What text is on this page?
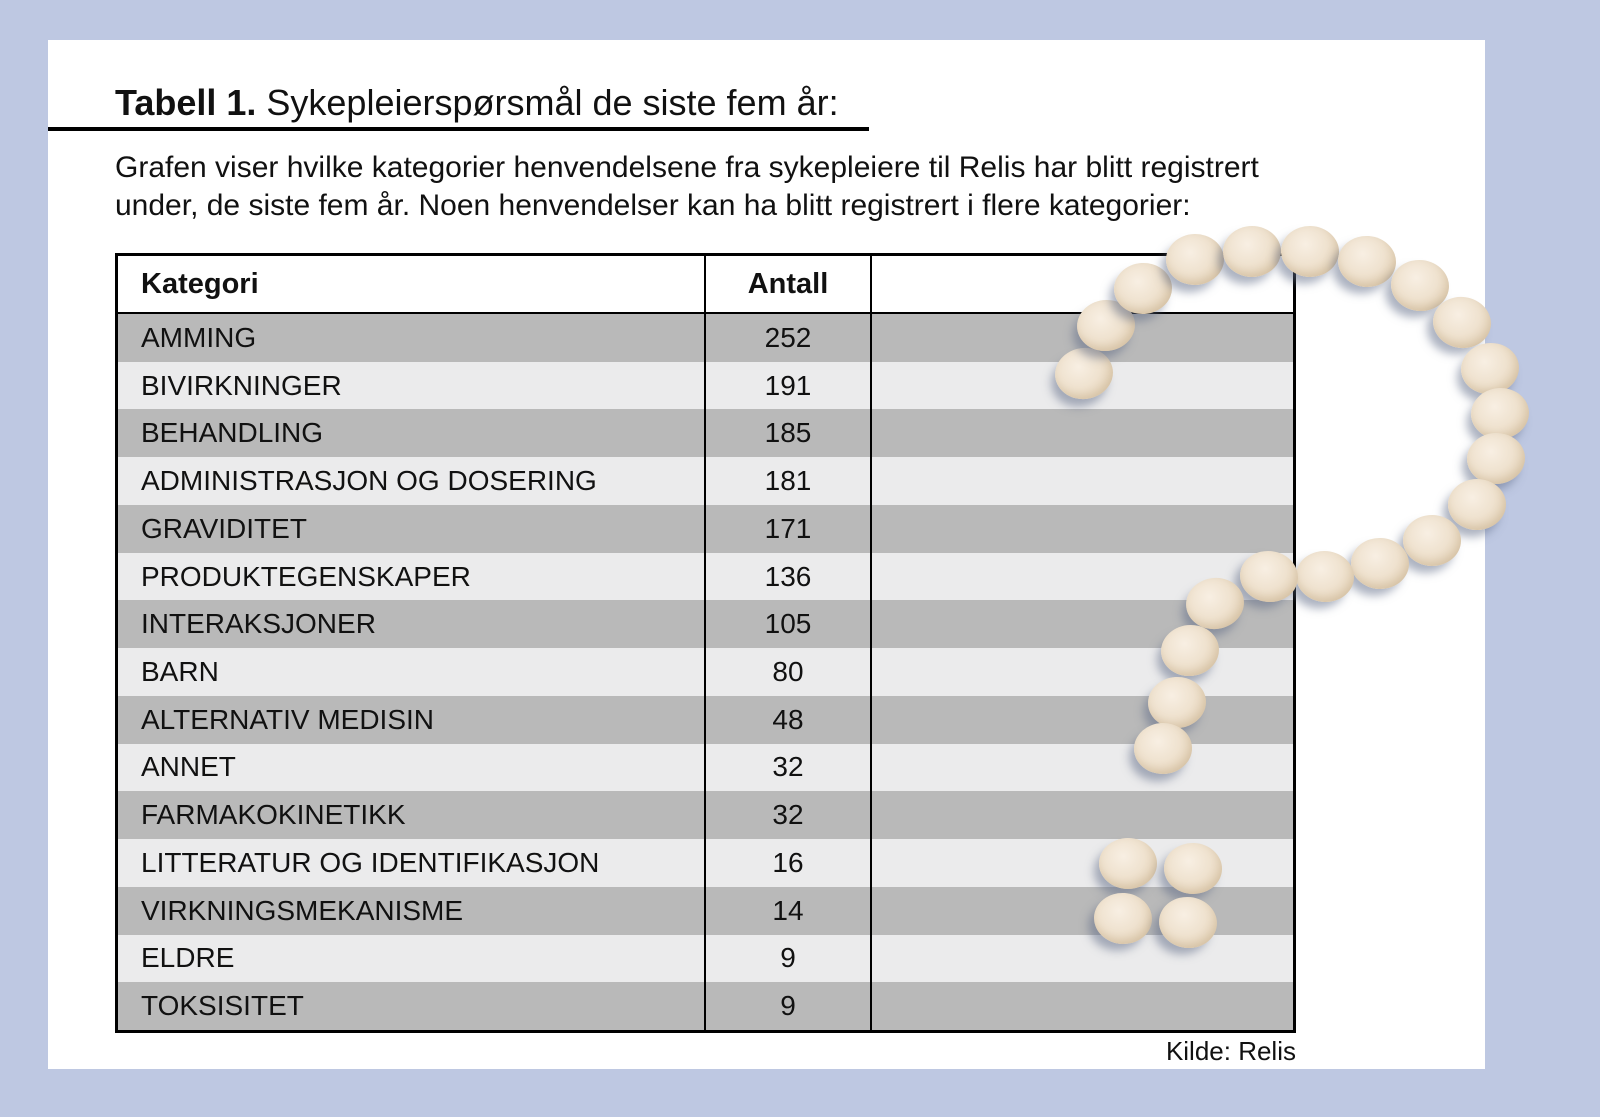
Tabell 1. Sykepleierspørsmål de siste fem år:
Grafen viser hvilke kategorier henvendelsene fra sykepleiere til Relis har blitt registrert
under, de siste fem år. Noen henvendelser kan ha blitt registrert i flere kategorier:
Kategori	Antall
AMMING	252
BIVIRKNINGER	191
BEHANDLING	185
ADMINISTRASJON OG DOSERING	181
GRAVIDITET	171
PRODUKTEGENSKAPER	136
INTERAKSJONER	105
BARN	80
ALTERNATIV MEDISIN	48
ANNET	32
FARMAKOKINETIKK	32
LITTERATUR OG IDENTIFIKASJON	16
VIRKNINGSMEKANISME	14
ELDRE	9
TOKSISITET	9
Kilde: Relis
